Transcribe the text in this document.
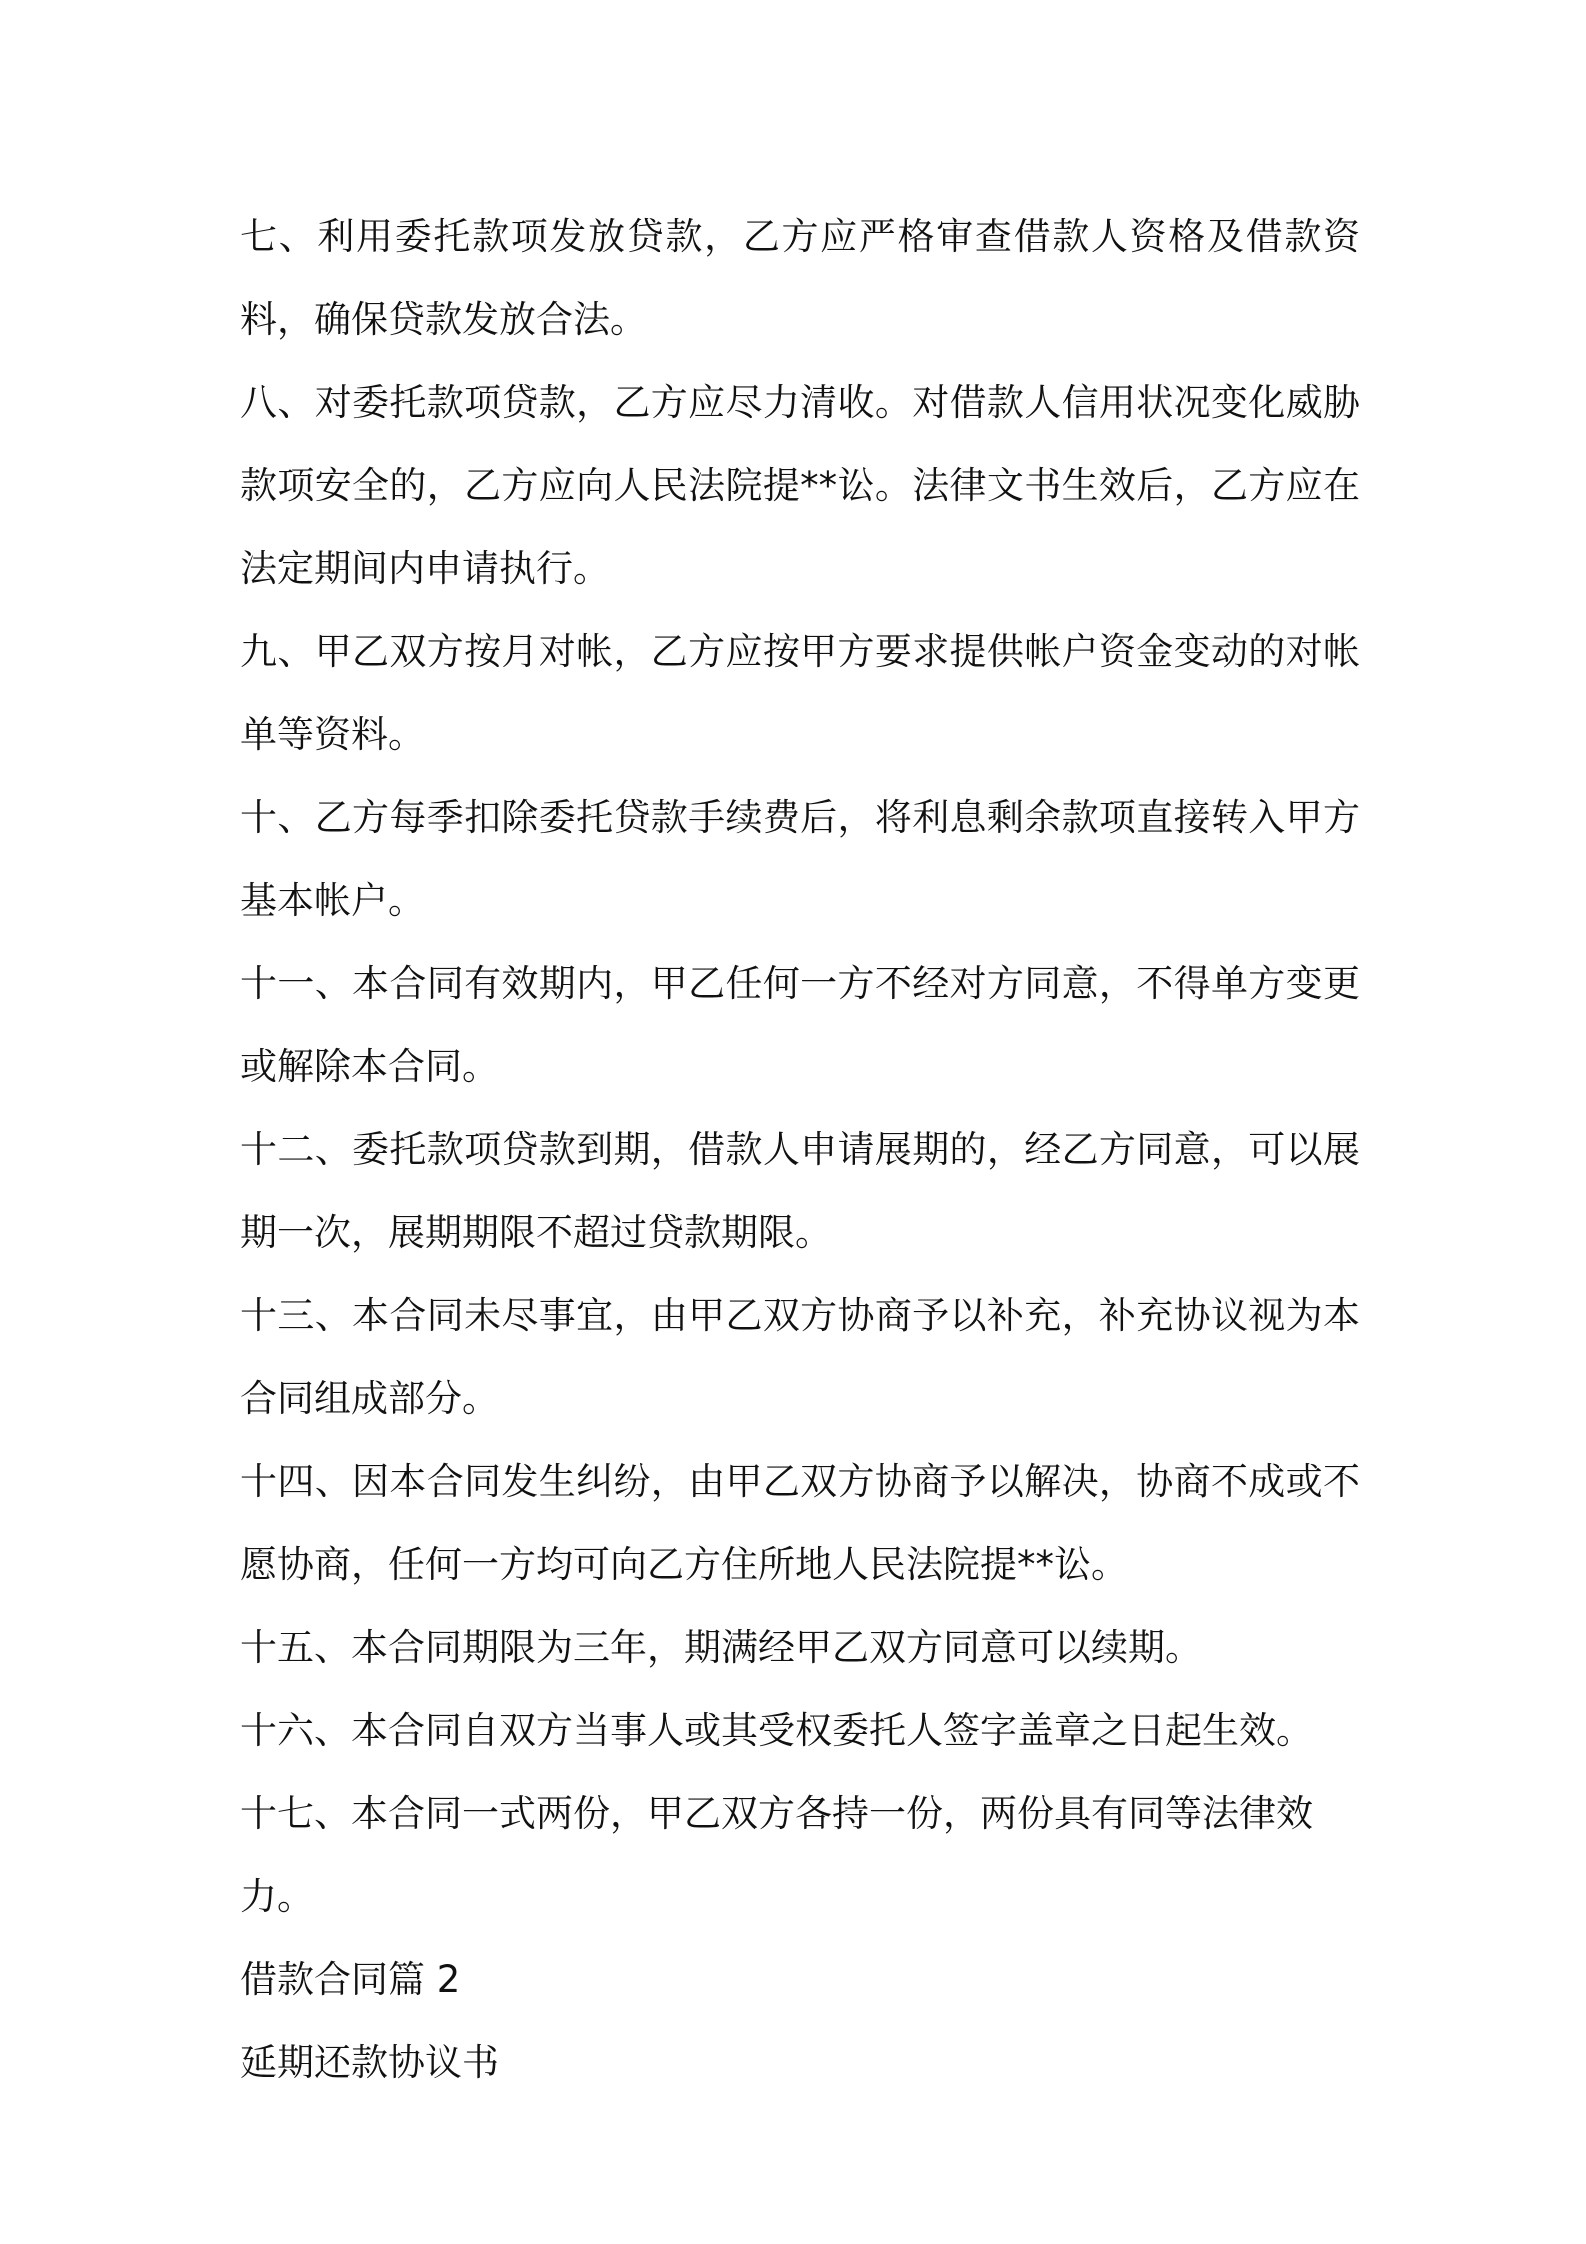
七、利用委托款项发放贷款，乙方应严格审查借款人资格及借款资料，确保贷款发放合法。

八、对委托款项贷款，乙方应尽力清收。对借款人信用状况变化威胁款项安全的，乙方应向人民法院提**讼。法律文书生效后，乙方应在法定期间内申请执行。

九、甲乙双方按月对帐，乙方应按甲方要求提供帐户资金变动的对帐单等资料。

十、乙方每季扣除委托贷款手续费后，将利息剩余款项直接转入甲方基本帐户。

十一、本合同有效期内，甲乙任何一方不经对方同意，不得单方变更或解除本合同。

十二、委托款项贷款到期，借款人申请展期的，经乙方同意，可以展期一次，展期期限不超过贷款期限。

十三、本合同未尽事宜，由甲乙双方协商予以补充，补充协议视为本合同组成部分。

十四、因本合同发生纠纷，由甲乙双方协商予以解决，协商不成或不愿协商，任何一方均可向乙方住所地人民法院提**讼。

十五、本合同期限为三年，期满经甲乙双方同意可以续期。

十六、本合同自双方当事人或其受权委托人签字盖章之日起生效。

十七、本合同一式两份，甲乙双方各持一份，两份具有同等法律效力。

借款合同篇 2

延期还款协议书
